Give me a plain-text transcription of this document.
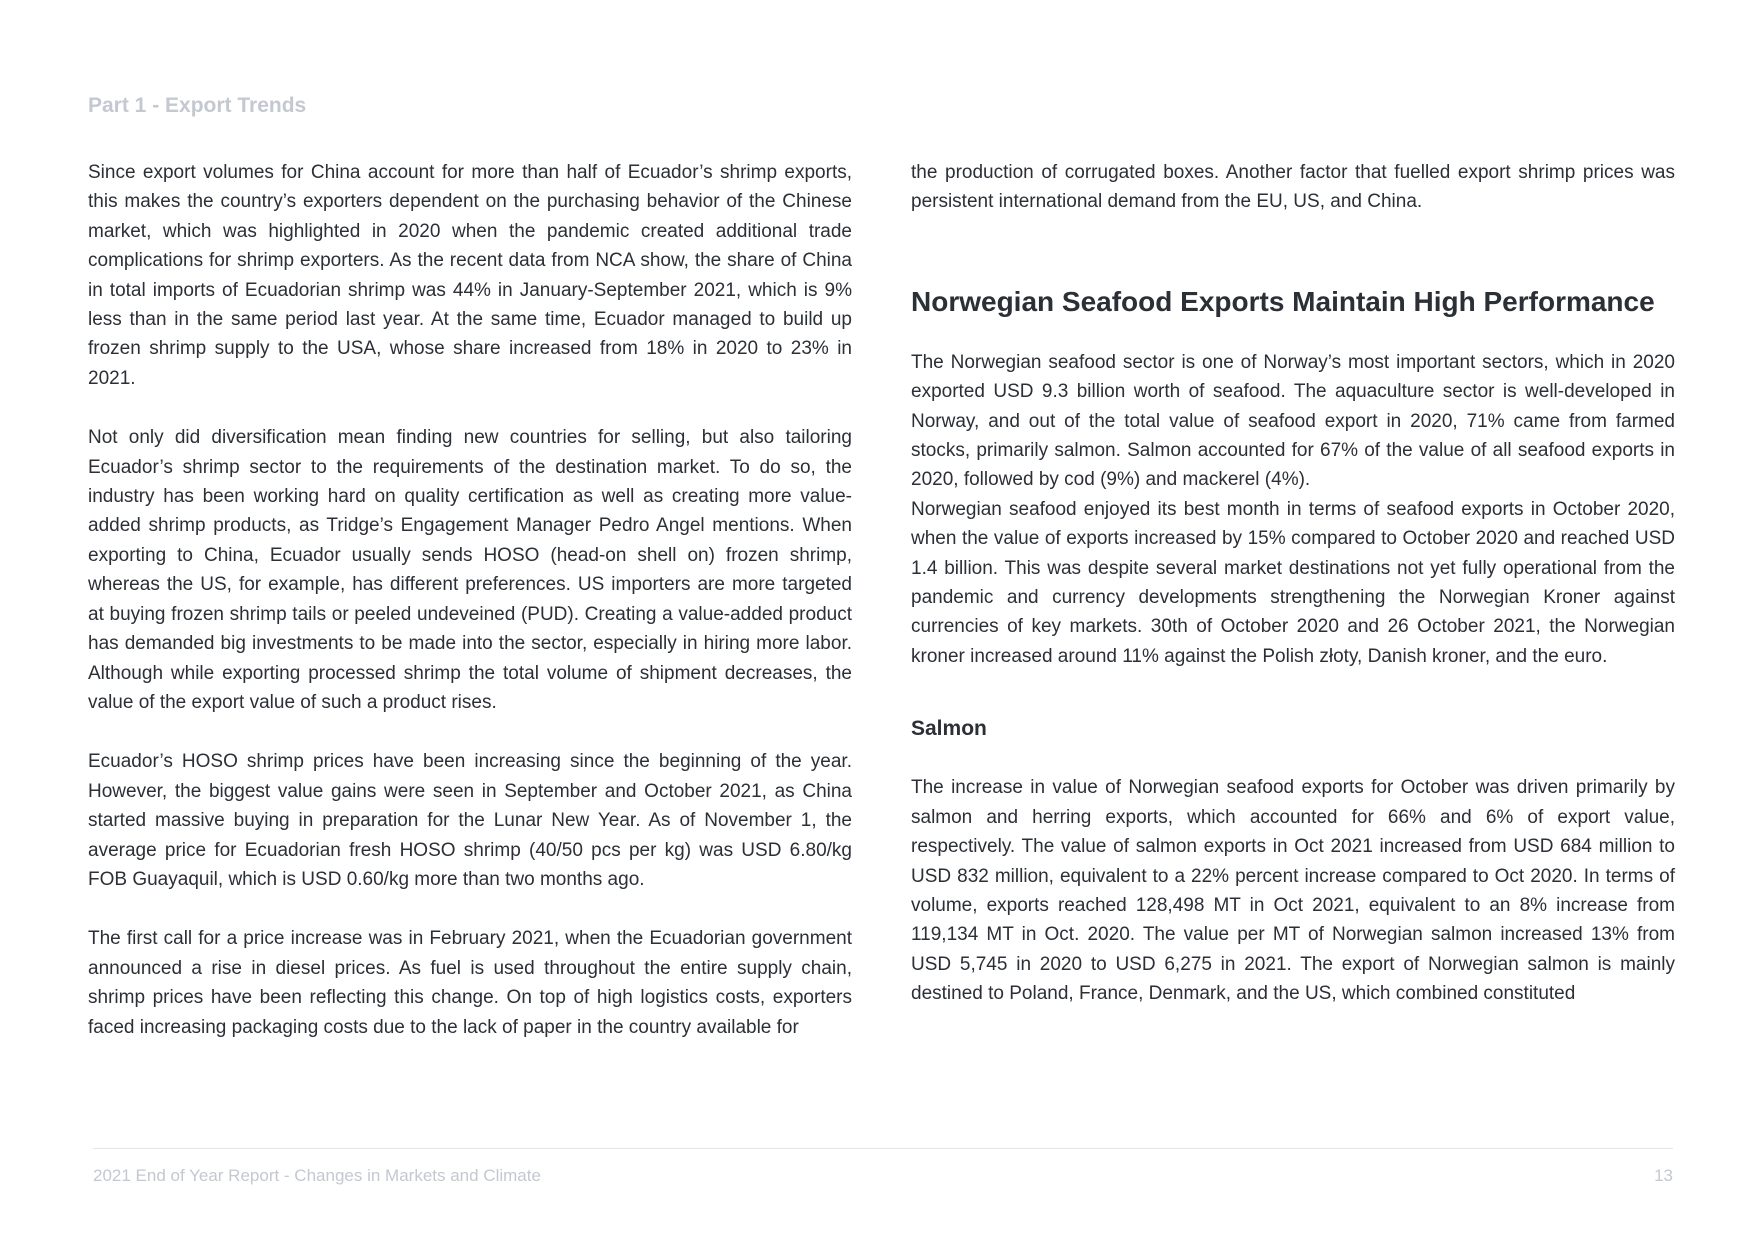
Part 1 - Export Trends

Since export volumes for China account for more than half of Ecuador’s shrimp exports, this makes the country’s exporters dependent on the purchasing behavior of the Chinese market, which was highlighted in 2020 when the pandemic created additional trade complications for shrimp exporters. As the recent data from NCA show, the share of China in total imports of Ecuadorian shrimp was 44% in January-September 2021, which is 9% less than in the same period last year. At the same time, Ecuador managed to build up frozen shrimp supply to the USA, whose share increased from 18% in 2020 to 23% in 2021.

Not only did diversification mean finding new countries for selling, but also tailoring Ecuador’s shrimp sector to the requirements of the destination market. To do so, the industry has been working hard on quality certification as well as creating more value-added shrimp products, as Tridge’s Engagement Manager Pedro Angel mentions. When exporting to China, Ecuador usually sends HOSO (head-on shell on) frozen shrimp, whereas the US, for example, has different preferences. US importers are more targeted at buying frozen shrimp tails or peeled undeveined (PUD). Creating a value-added product has demanded big investments to be made into the sector, especially in hiring more labor. Although while exporting processed shrimp the total volume of shipment decreases, the value of the export value of such a product rises.

Ecuador’s HOSO shrimp prices have been increasing since the beginning of the year. However, the biggest value gains were seen in September and October 2021, as China started massive buying in preparation for the Lunar New Year. As of November 1, the average price for Ecuadorian fresh HOSO shrimp (40/50 pcs per kg) was USD 6.80/kg FOB Guayaquil, which is USD 0.60/kg more than two months ago.

The first call for a price increase was in February 2021, when the Ecuadorian government announced a rise in diesel prices. As fuel is used throughout the entire supply chain, shrimp prices have been reflecting this change. On top of high logistics costs, exporters faced increasing packaging costs due to the lack of paper in the country available for

the production of corrugated boxes. Another factor that fuelled export shrimp prices was persistent international demand from the EU, US, and China.

Norwegian Seafood Exports Maintain High Performance

The Norwegian seafood sector is one of Norway’s most important sectors, which in 2020 exported USD 9.3 billion worth of seafood. The aquaculture sector is well-developed in Norway, and out of the total value of seafood export in 2020, 71% came from farmed stocks, primarily salmon. Salmon accounted for 67% of the value of all seafood exports in 2020, followed by cod (9%) and mackerel (4%).

Norwegian seafood enjoyed its best month in terms of seafood exports in October 2020, when the value of exports increased by 15% compared to October 2020 and reached USD 1.4 billion. This was despite several market destinations not yet fully operational from the pandemic and currency developments strengthening the Norwegian Kroner against currencies of key markets. 30th of October 2020 and 26 October 2021, the Norwegian kroner increased around 11% against the Polish złoty, Danish kroner, and the euro.

Salmon

The increase in value of Norwegian seafood exports for October was driven primarily by salmon and herring exports, which accounted for 66% and 6% of export value, respectively. The value of salmon exports in Oct 2021 increased from USD 684 million to USD 832 million, equivalent to a 22% percent increase compared to Oct 2020. In terms of volume, exports reached 128,498 MT in Oct 2021, equivalent to an 8% increase from 119,134 MT in Oct. 2020. The value per MT of Norwegian salmon increased 13% from USD 5,745 in 2020 to USD 6,275 in 2021. The export of Norwegian salmon is mainly destined to Poland, France, Denmark, and the US, which combined constituted

2021 End of Year Report - Changes in Markets and Climate	13
